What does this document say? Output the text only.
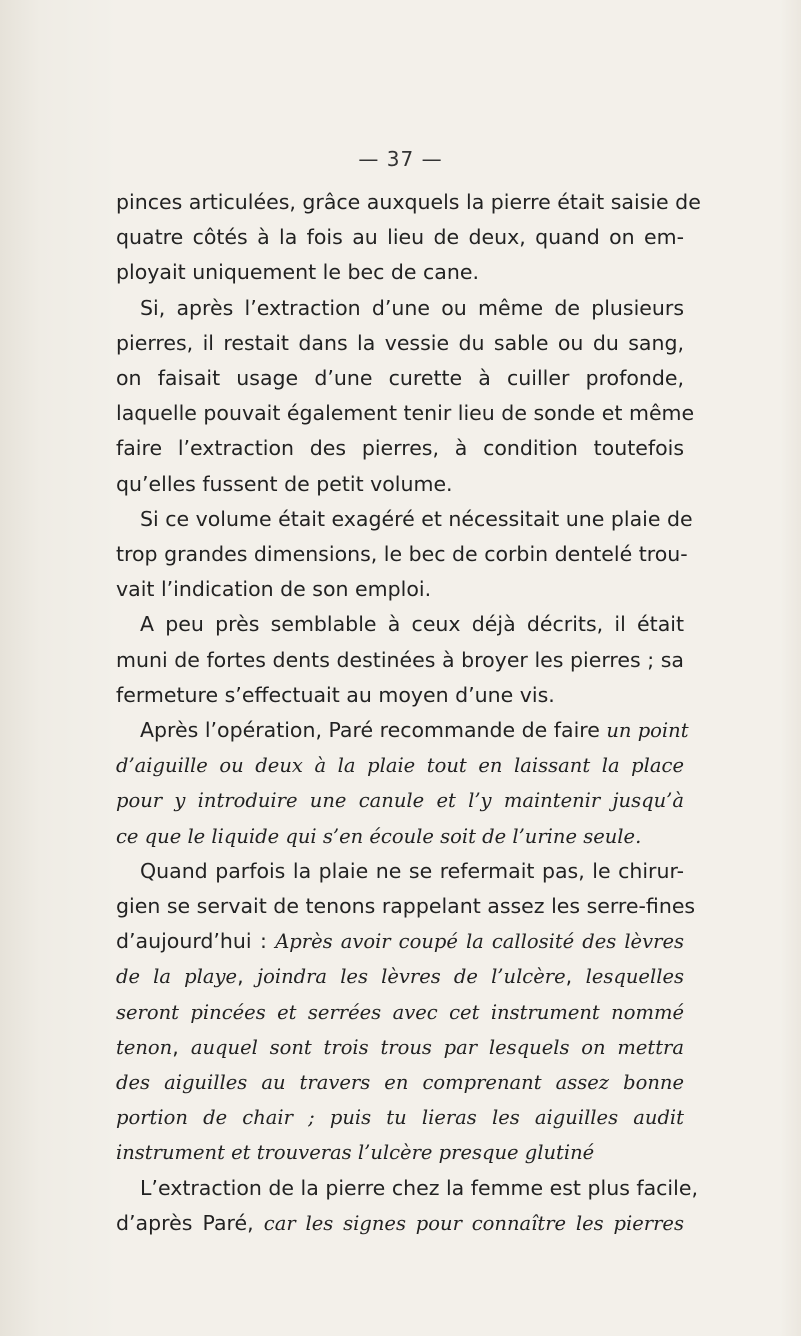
— 37 —
pinces articulées, grâce auxquels la pierre était saisie de
quatre côtés à la fois au lieu de deux, quand on em-
ployait uniquement le bec de cane.
Si, après l’extraction d’une ou même de plusieurs
pierres, il restait dans la vessie du sable ou du sang,
on faisait usage d’une curette à cuiller profonde,
laquelle pouvait également tenir lieu de sonde et même
faire l’extraction des pierres, à condition toutefois
qu’elles fussent de petit volume.
Si ce volume était exagéré et nécessitait une plaie de
trop grandes dimensions, le bec de corbin dentelé trou-
vait l’indication de son emploi.
A peu près semblable à ceux déjà décrits, il était
muni de fortes dents destinées à broyer les pierres ; sa
fermeture s’effectuait au moyen d’une vis.
Après l’opération, Paré recommande de faire un point
d’aiguille ou deux à la plaie tout en laissant la place
pour y introduire une canule et l’y maintenir jusqu’à
ce que le liquide qui s’en écoule soit de l’urine seule.
Quand parfois la plaie ne se refermait pas, le chirur-
gien se servait de tenons rappelant assez les serre-fines
d’aujourd’hui : Après avoir coupé la callosité des lèvres
de la playe, joindra les lèvres de l’ulcère, lesquelles
seront pincées et serrées avec cet instrument nommé
tenon, auquel sont trois trous par lesquels on mettra
des aiguilles au travers en comprenant assez bonne
portion de chair ; puis tu lieras les aiguilles audit
instrument et trouveras l’ulcère presque glutiné
L’extraction de la pierre chez la femme est plus facile,
d’après Paré, car les signes pour connaître les pierres
